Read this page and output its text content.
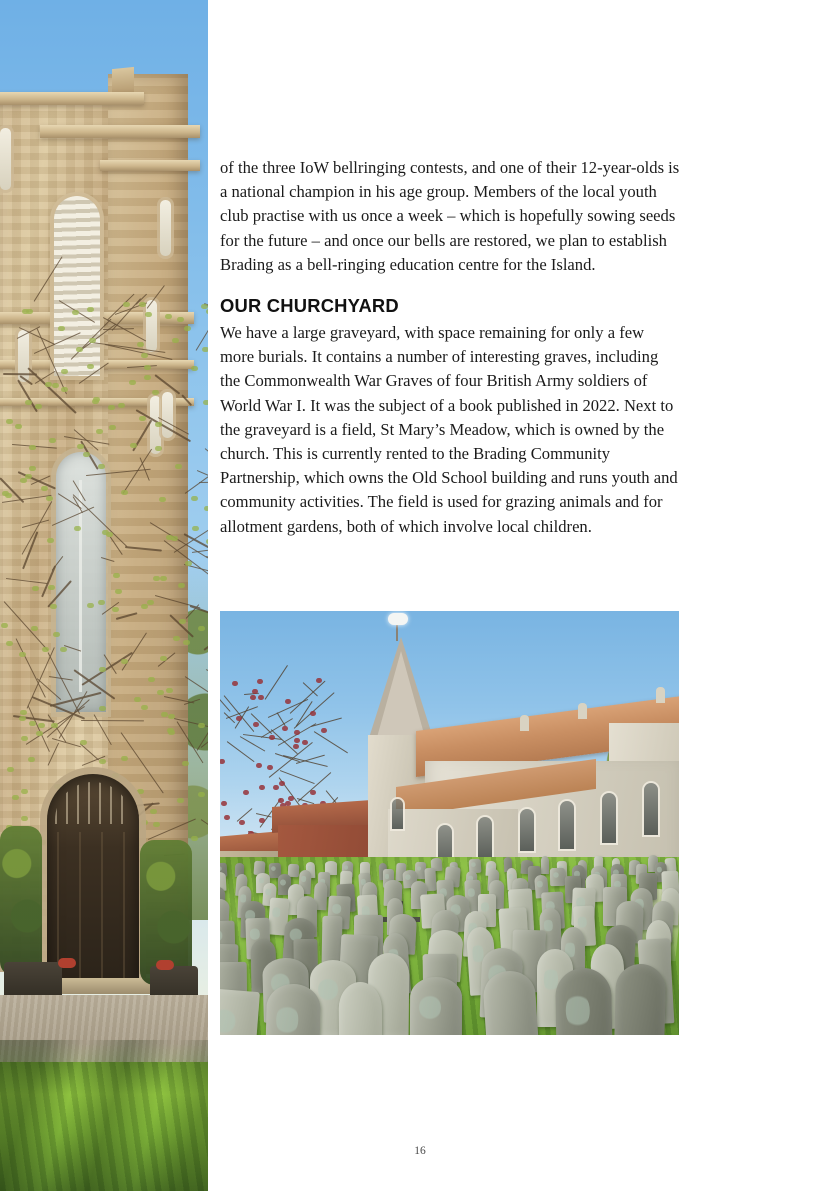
of the three IoW bellringing contests, and one of their 12-year-olds is a national champion in his age group. Members of the local youth club practise with us once a week – which is hopefully sowing seeds for the future – and once our bells are restored, we plan to establish Brading as a bell-ringing education centre for the Island.

OUR CHURCHYARD

We have a large graveyard, with space remaining for only a few more burials. It contains a number of interesting graves, including the Commonwealth War Graves of four British Army soldiers of World War I. It was the subject of a book published in 2022. Next to the graveyard is a field, St Mary’s Meadow, which is owned by the church. This is currently rented to the Brading Community Partnership, which owns the Old School building and runs youth and community activities. The field is used for grazing animals and for allotment gardens, both of which involve local children.

16
